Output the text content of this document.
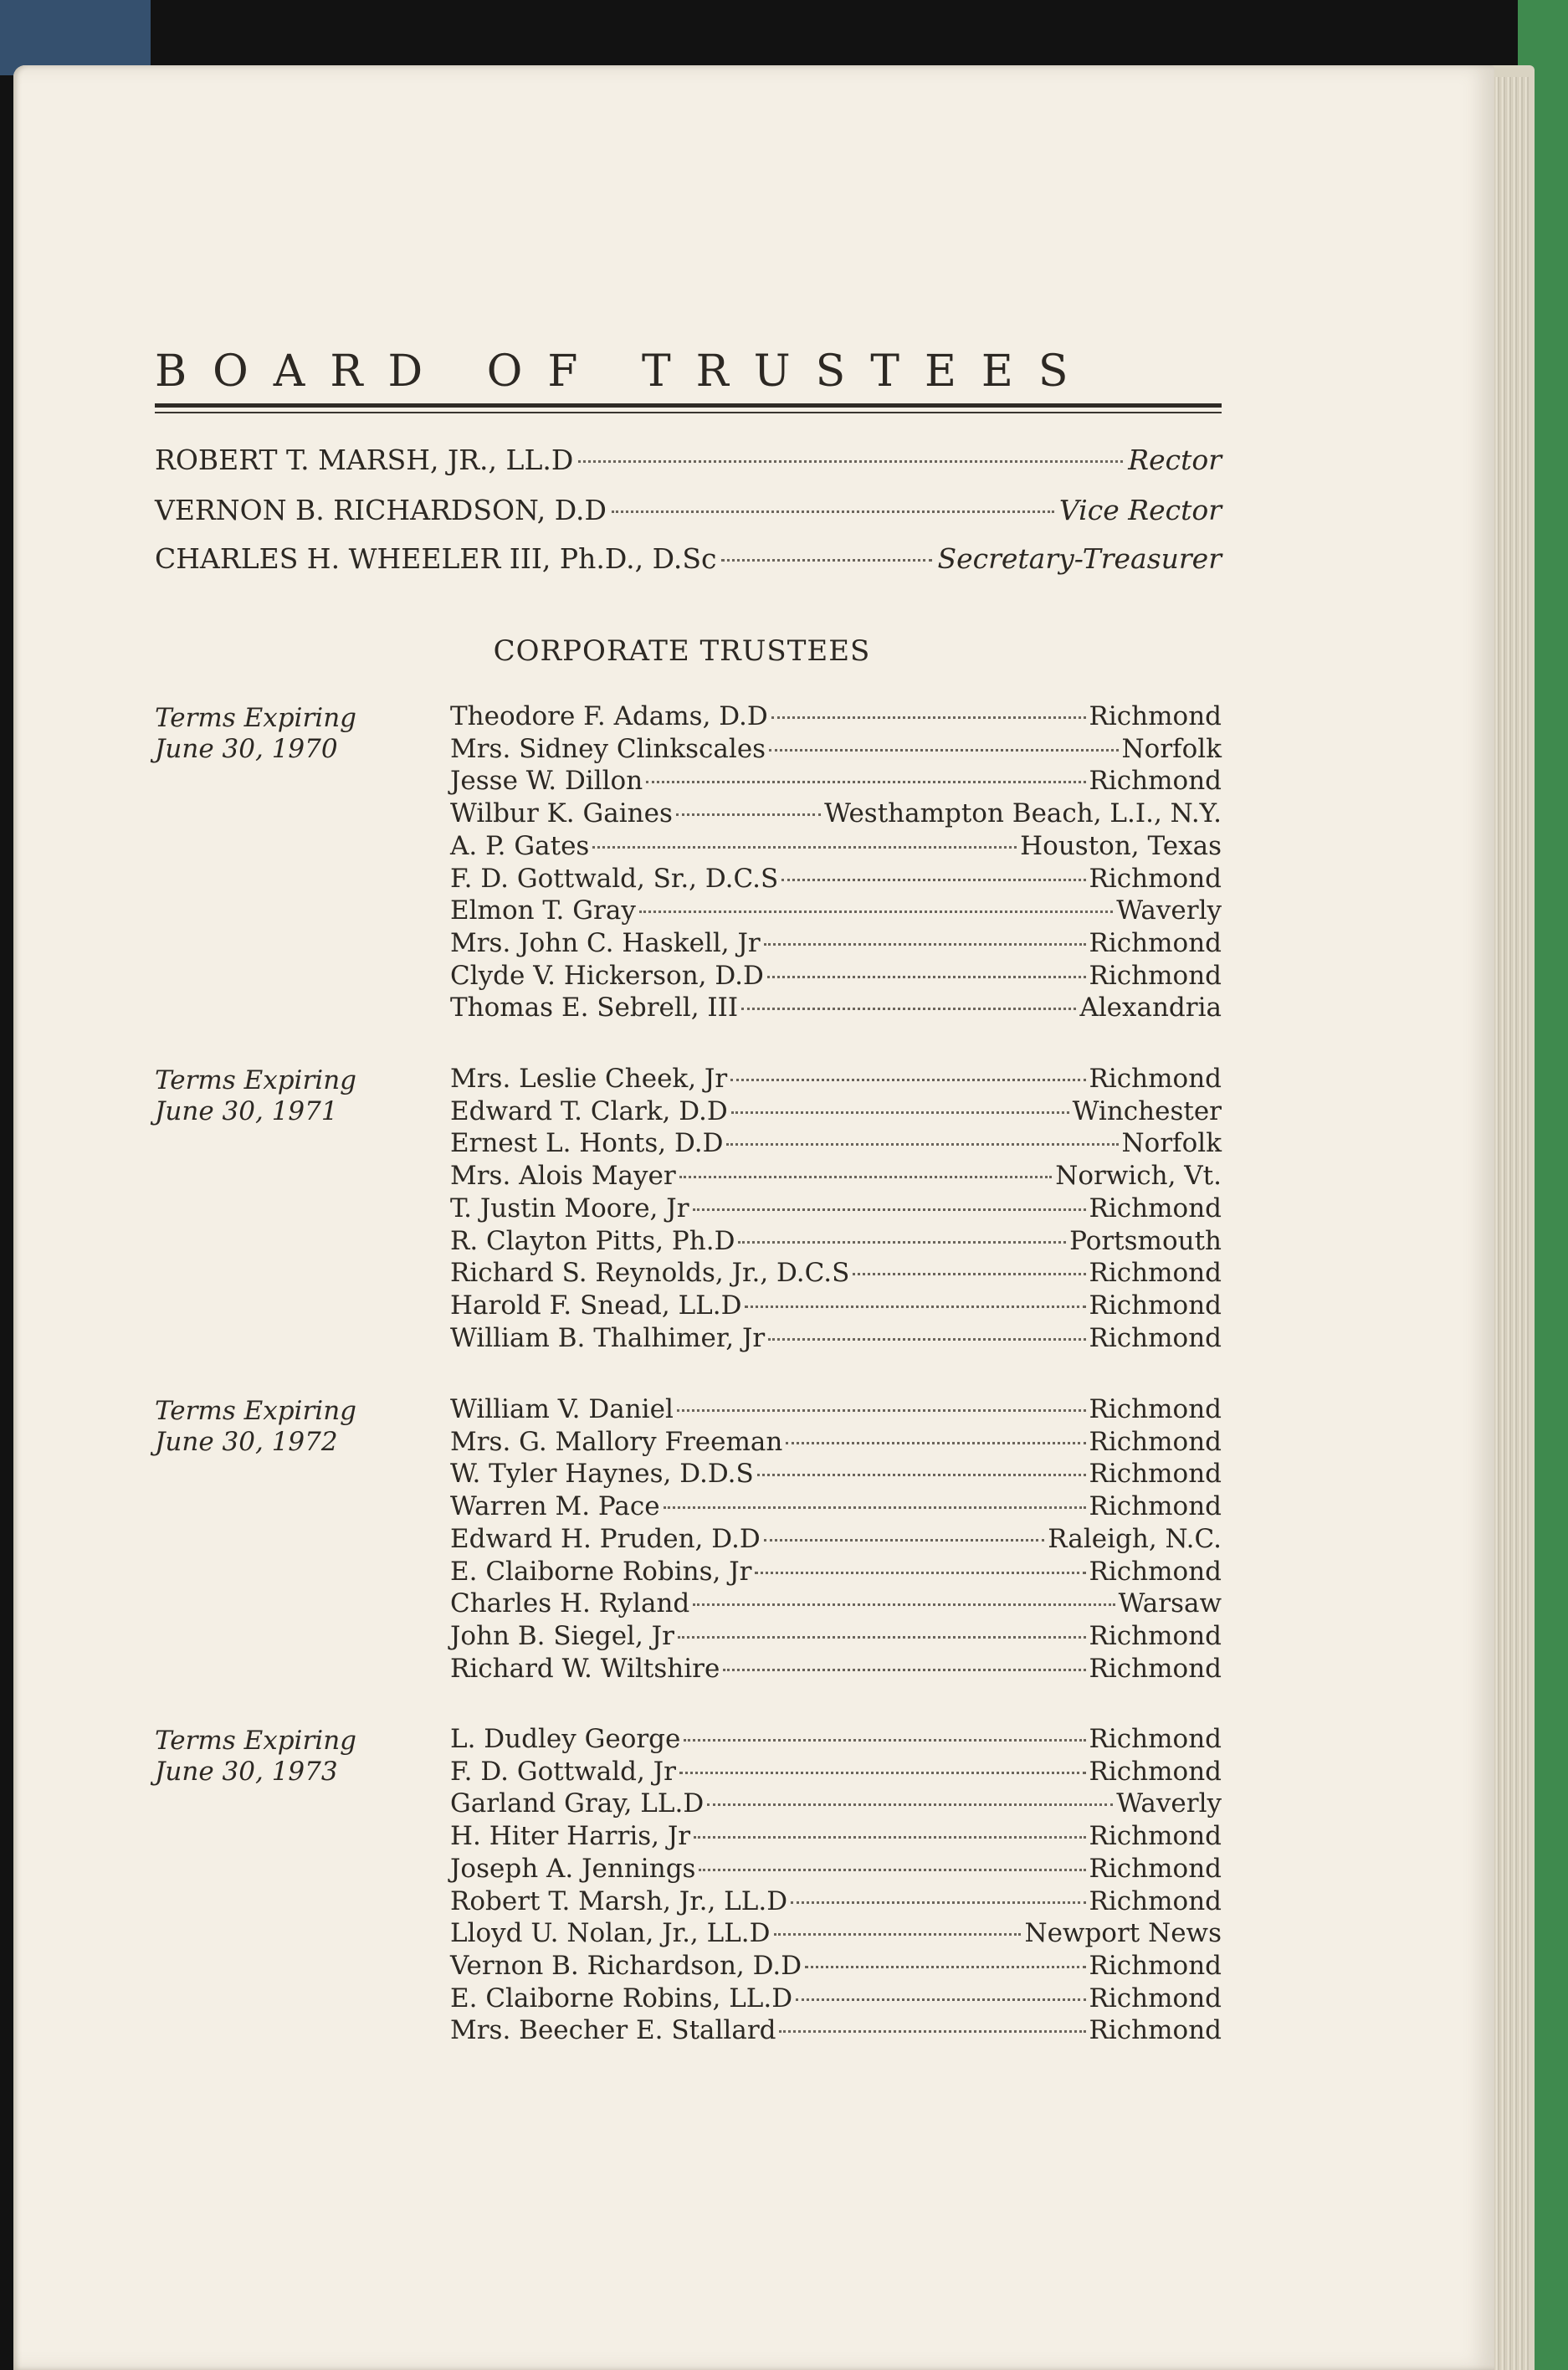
BOARD OF TRUSTEES
ROBERT T. MARSH, JR., LL.D	Rector
VERNON B. RICHARDSON, D.D	Vice Rector
CHARLES H. WHEELER III, Ph.D., D.Sc	Secretary-Treasurer
CORPORATE TRUSTEES
Terms Expiring
June 30, 1970
Theodore F. Adams, D.D	Richmond
Mrs. Sidney Clinkscales	Norfolk
Jesse W. Dillon	Richmond
Wilbur K. Gaines	Westhampton Beach, L.I., N.Y.
A. P. Gates	Houston, Texas
F. D. Gottwald, Sr., D.C.S	Richmond
Elmon T. Gray	Waverly
Mrs. John C. Haskell, Jr	Richmond
Clyde V. Hickerson, D.D	Richmond
Thomas E. Sebrell, III	Alexandria
Terms Expiring
June 30, 1971
Mrs. Leslie Cheek, Jr	Richmond
Edward T. Clark, D.D	Winchester
Ernest L. Honts, D.D	Norfolk
Mrs. Alois Mayer	Norwich, Vt.
T. Justin Moore, Jr	Richmond
R. Clayton Pitts, Ph.D	Portsmouth
Richard S. Reynolds, Jr., D.C.S	Richmond
Harold F. Snead, LL.D	Richmond
William B. Thalhimer, Jr	Richmond
Terms Expiring
June 30, 1972
William V. Daniel	Richmond
Mrs. G. Mallory Freeman	Richmond
W. Tyler Haynes, D.D.S	Richmond
Warren M. Pace	Richmond
Edward H. Pruden, D.D	Raleigh, N.C.
E. Claiborne Robins, Jr	Richmond
Charles H. Ryland	Warsaw
John B. Siegel, Jr	Richmond
Richard W. Wiltshire	Richmond
Terms Expiring
June 30, 1973
L. Dudley George	Richmond
F. D. Gottwald, Jr	Richmond
Garland Gray, LL.D	Waverly
H. Hiter Harris, Jr	Richmond
Joseph A. Jennings	Richmond
Robert T. Marsh, Jr., LL.D	Richmond
Lloyd U. Nolan, Jr., LL.D	Newport News
Vernon B. Richardson, D.D	Richmond
E. Claiborne Robins, LL.D	Richmond
Mrs. Beecher E. Stallard	Richmond
